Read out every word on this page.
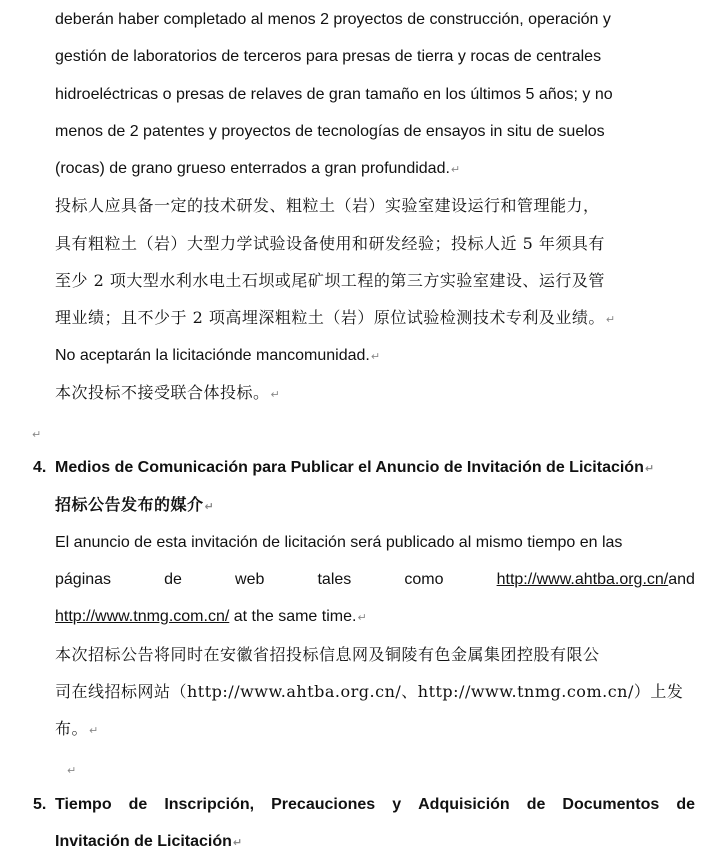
deberán haber completado al menos 2 proyectos de construcción, operación y
gestión de laboratorios de terceros para presas de tierra y rocas de centrales
hidroeléctricas o presas de relaves de gran tamaño en los últimos 5 años; y no
menos de 2 patentes y proyectos de tecnologías de ensayos in situ de suelos
(rocas) de grano grueso enterrados a gran profundidad.↵
投标人应具备一定的技术研发、粗粒土（岩）实验室建设运行和管理能力，
具有粗粒土（岩）大型力学试验设备使用和研发经验；投标人近 5 年须具有
至少 2 项大型水利水电土石坝或尾矿坝工程的第三方实验室建设、运行及管
理业绩；且不少于 2 项高埋深粗粒土（岩）原位试验检测技术专利及业绩。↵
No aceptarán la licitaciónde mancomunidad.↵
本次投标不接受联合体投标。↵
↵
4. Medios de Comunicación para Publicar el Anuncio de Invitación de Licitación↵
招标公告发布的媒介↵
El anuncio de esta invitación de licitación será publicado al mismo tiempo en las
páginas	de	web	tales	como	http://www.ahtba.org.cn/and
http://www.tnmg.com.cn/ at the same time.↵
本次招标公告将同时在安徽省招投标信息网及铜陵有色金属集团控股有限公
司在线招标网站（http://www.ahtba.org.cn/、http://www.tnmg.com.cn/）上发
布。↵
↵
5. Tiempo de Inscripción, Precauciones y Adquisición de Documentos de
Invitación de Licitación↵
